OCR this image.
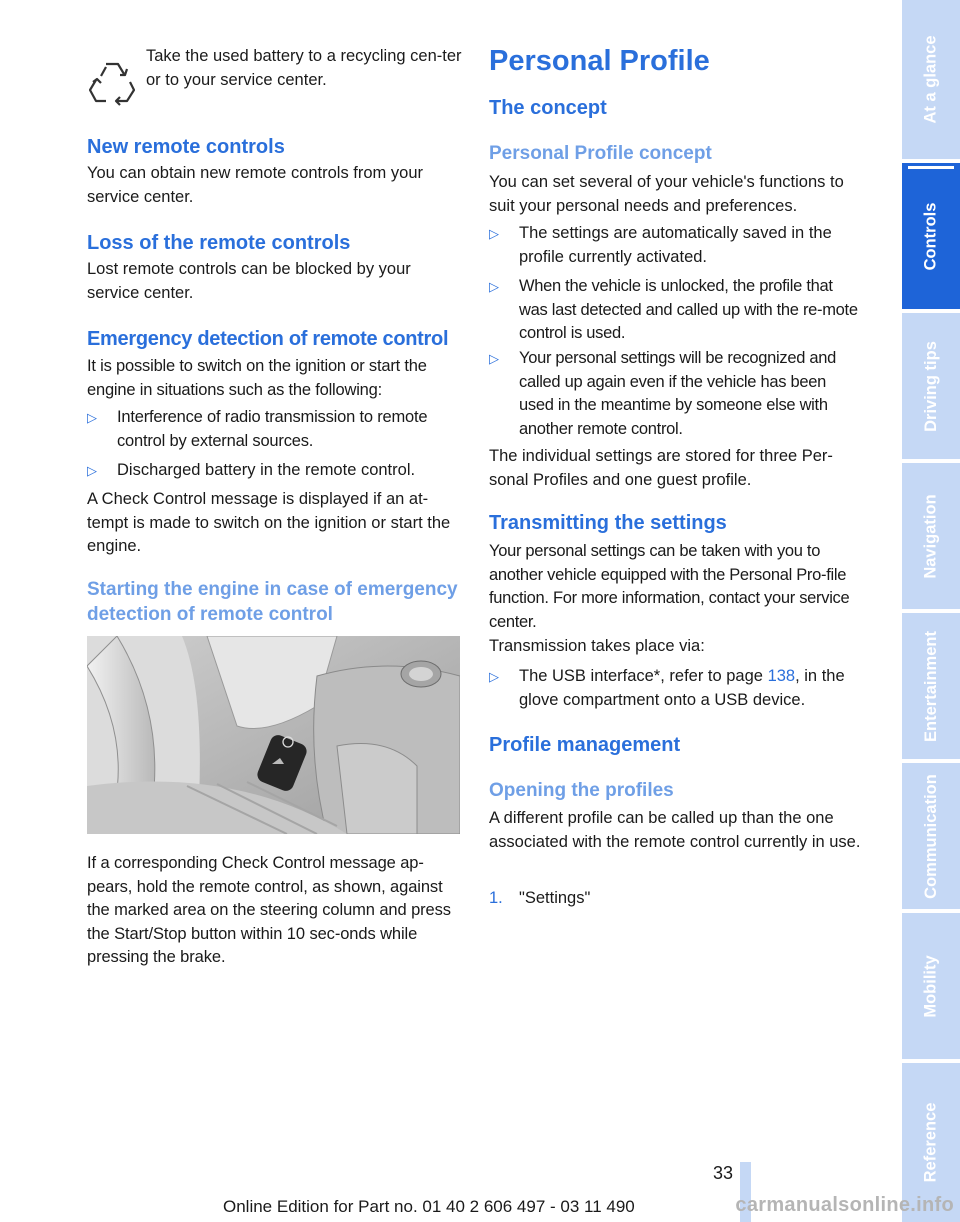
Take the used battery to a recycling cen-ter or to your service center.

New remote controls

You can obtain new remote controls from your service center.

Loss of the remote controls

Lost remote controls can be blocked by your service center.

Emergency detection of remote control

It is possible to switch on the ignition or start the engine in situations such as the following:

▷ Interference of radio transmission to remote control by external sources.

▷ Discharged battery in the remote control.

A Check Control message is displayed if an at-tempt is made to switch on the ignition or start the engine.

Starting the engine in case of emergency detection of remote control

If a corresponding Check Control message ap-pears, hold the remote control, as shown, against the marked area on the steering column and press the Start/Stop button within 10 sec-onds while pressing the brake.

Personal Profile
The concept
Personal Profile concept

You can set several of your vehicle's functions to suit your personal needs and preferences.

▷ The settings are automatically saved in the profile currently activated.

▷ When the vehicle is unlocked, the profile that was last detected and called up with the re-mote control is used.

▷ Your personal settings will be recognized and called up again even if the vehicle has been used in the meantime by someone else with another remote control.

The individual settings are stored for three Per-sonal Profiles and one guest profile.

Transmitting the settings

Your personal settings can be taken with you to another vehicle equipped with the Personal Pro-file function. For more information, contact your service center.

Transmission takes place via:

▷ The USB interface*, refer to page 138, in the glove compartment onto a USB device.

Profile management
Opening the profiles

A different profile can be called up than the one associated with the remote control currently in use.

1. "Settings"

At a glance
Controls
Driving tips
Navigation
Entertainment
Communication
Mobility
Reference
33
Online Edition for Part no. 01 40 2 606 497 - 03 11 490	carmanualsonline.info
